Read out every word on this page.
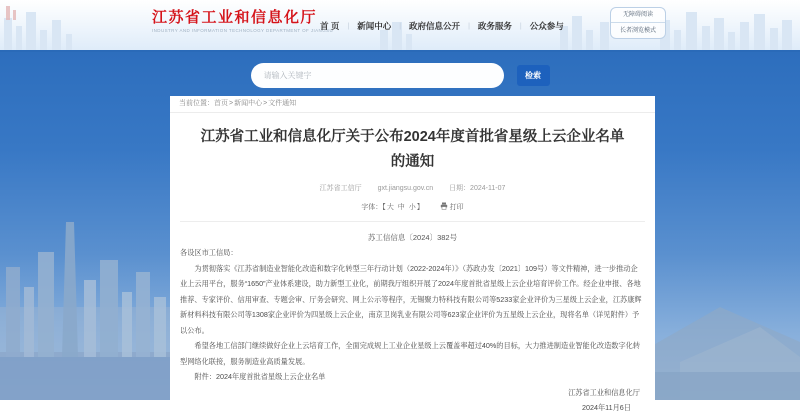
江苏省工业和信息化厅
INDUSTRY AND INFORMATION TECHNOLOGY DEPARTMENT OF JIANGSU
首 页 | 新闻中心 | 政府信息公开 | 政务服务 | 公众参与
无障碍阅读
长者浏览模式
请输入关键字
检索
当前位置：首页>新闻中心>文件通知
江苏省工业和信息化厅关于公布2024年度首批省星级上云企业名单的通知
江苏省工信厅 gxt.jiangsu.gov.cn 日期：2024-11-07
字体：【大 中 小】	打印
苏工信信息〔2024〕382号

各设区市工信局：

为贯彻落实《江苏省制造业智能化改造和数字化转型三年行动计划（2022-2024年）》（苏政办发〔2021〕109号）等文件精神，进一步推动企业上云用平台，服务“1650”产业体系建设，助力新型工业化，前期我厅组织开展了2024年度首批省星级上云企业培育评价工作。经企业申报、各地推荐、专家评价、信用审查、专题会审、厅务会研究、网上公示等程序，无锡聚力特科技有限公司等5233家企业评价为三星级上云企业，江苏康辉新材料科技有限公司等1308家企业评价为四星级上云企业，南京卫岗乳业有限公司等623家企业评价为五星级上云企业，现将名单（详见附件）予以公布。

希望各地工信部门继续做好企业上云培育工作，全面完成规上工业企业星级上云覆盖率超过40%的目标，大力推进制造业智能化改造数字化转型网络化联接，服务制造业高质量发展。

附件：2024年度首批省星级上云企业名单

江苏省工业和信息化厅
2024年11月6日
